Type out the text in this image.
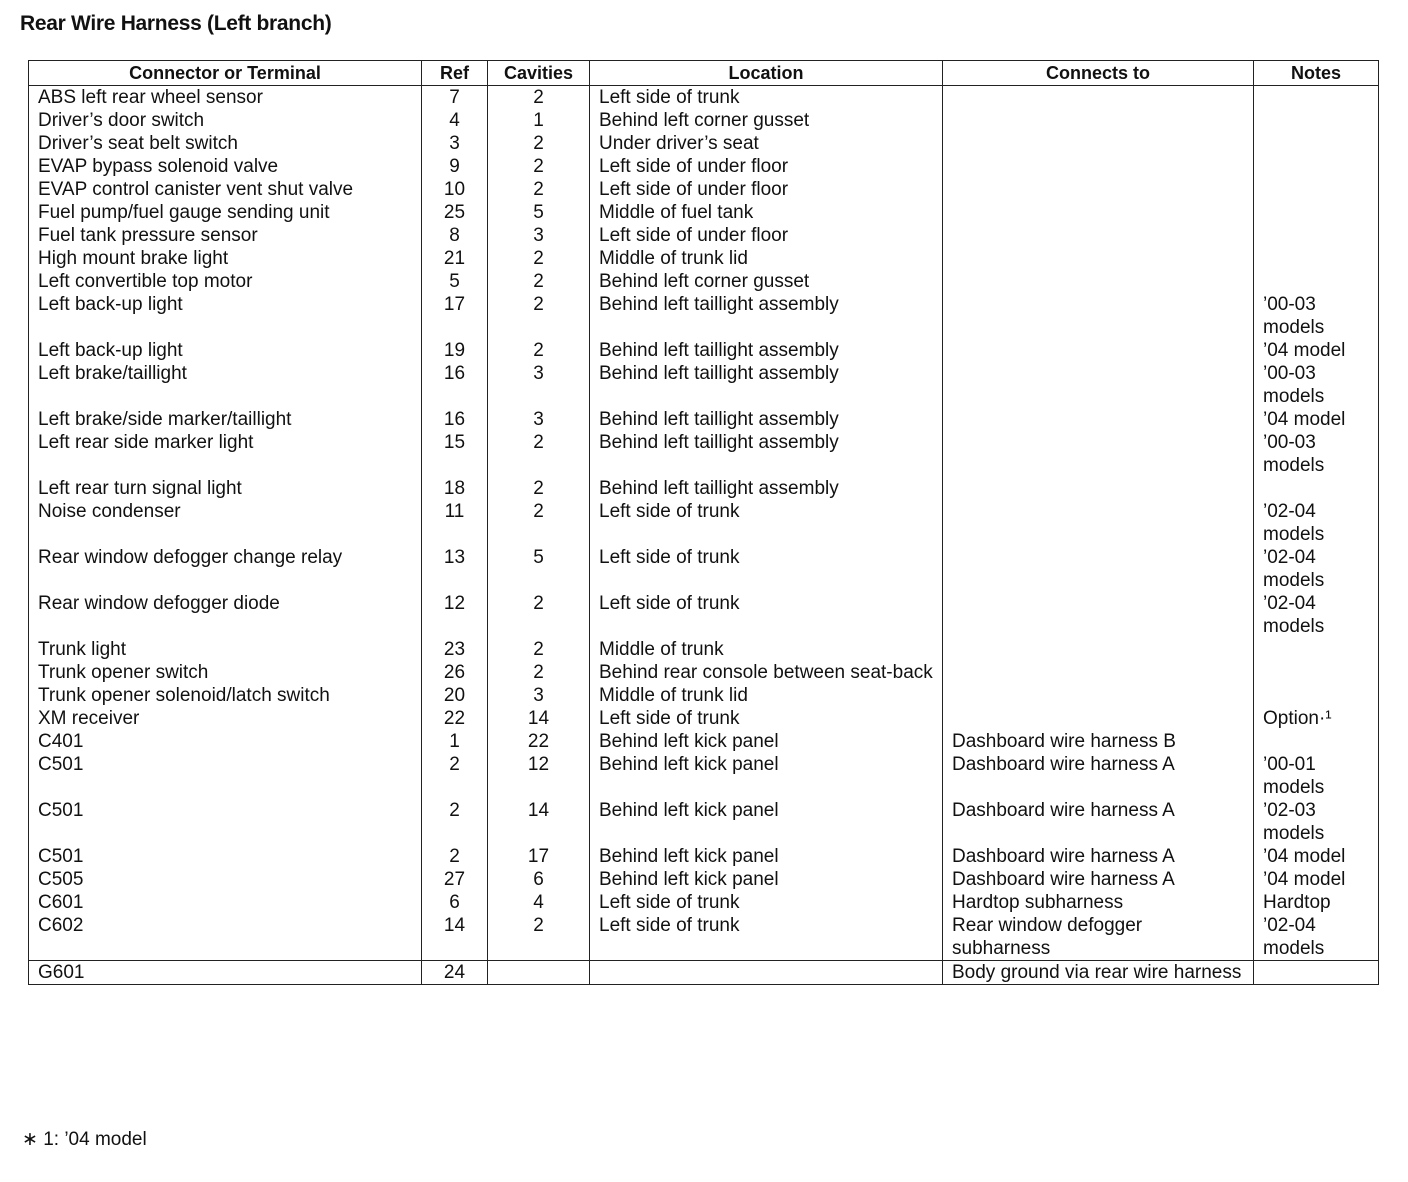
Rear Wire Harness (Left branch)
Connector or Terminal	Ref	Cavities	Location	Connects to	Notes
ABS left rear wheel sensor	7	2	Left side of trunk		
Driver’s door switch	4	1	Behind left corner gusset		
Driver’s seat belt switch	3	2	Under driver’s seat		
EVAP bypass solenoid valve	9	2	Left side of under floor		
EVAP control canister vent shut valve	10	2	Left side of under floor		
Fuel pump/fuel gauge sending unit	25	5	Middle of fuel tank		
Fuel tank pressure sensor	8	3	Left side of under floor		
High mount brake light	21	2	Middle of trunk lid		
Left convertible top motor	5	2	Behind left corner gusset		
Left back-up light	17	2	Behind left taillight assembly		’00-03
models
Left back-up light	19	2	Behind left taillight assembly		’04 model
Left brake/taillight	16	3	Behind left taillight assembly		’00-03
models
Left brake/side marker/taillight	16	3	Behind left taillight assembly		’04 model
Left rear side marker light	15	2	Behind left taillight assembly		’00-03
models
Left rear turn signal light	18	2	Behind left taillight assembly		
Noise condenser	11	2	Left side of trunk		’02-04
models
Rear window defogger change relay	13	5	Left side of trunk		’02-04
models
Rear window defogger diode	12	2	Left side of trunk		’02-04
models
Trunk light	23	2	Middle of trunk		
Trunk opener switch	26	2	Behind rear console between seat-back		
Trunk opener solenoid/latch switch	20	3	Middle of trunk lid		
XM receiver	22	14	Left side of trunk		Option·¹
C401	1	22	Behind left kick panel	Dashboard wire harness B	

C501	2	12	Behind left kick panel	Dashboard wire harness A	’00-01
models
C501	2	14	Behind left kick panel	Dashboard wire harness A	’02-03
models
C501	2	17	Behind left kick panel	Dashboard wire harness A	’04 model

C505	27	6	Behind left kick panel	Dashboard wire harness A	’04 model

C601	6	4	Left side of trunk	Hardtop subharness	Hardtop

C602	14	2	Left side of trunk	Rear window defogger subharness	’02-04
models
G601	24			Body ground via rear wire harness	
∗ 1: ’04 model
